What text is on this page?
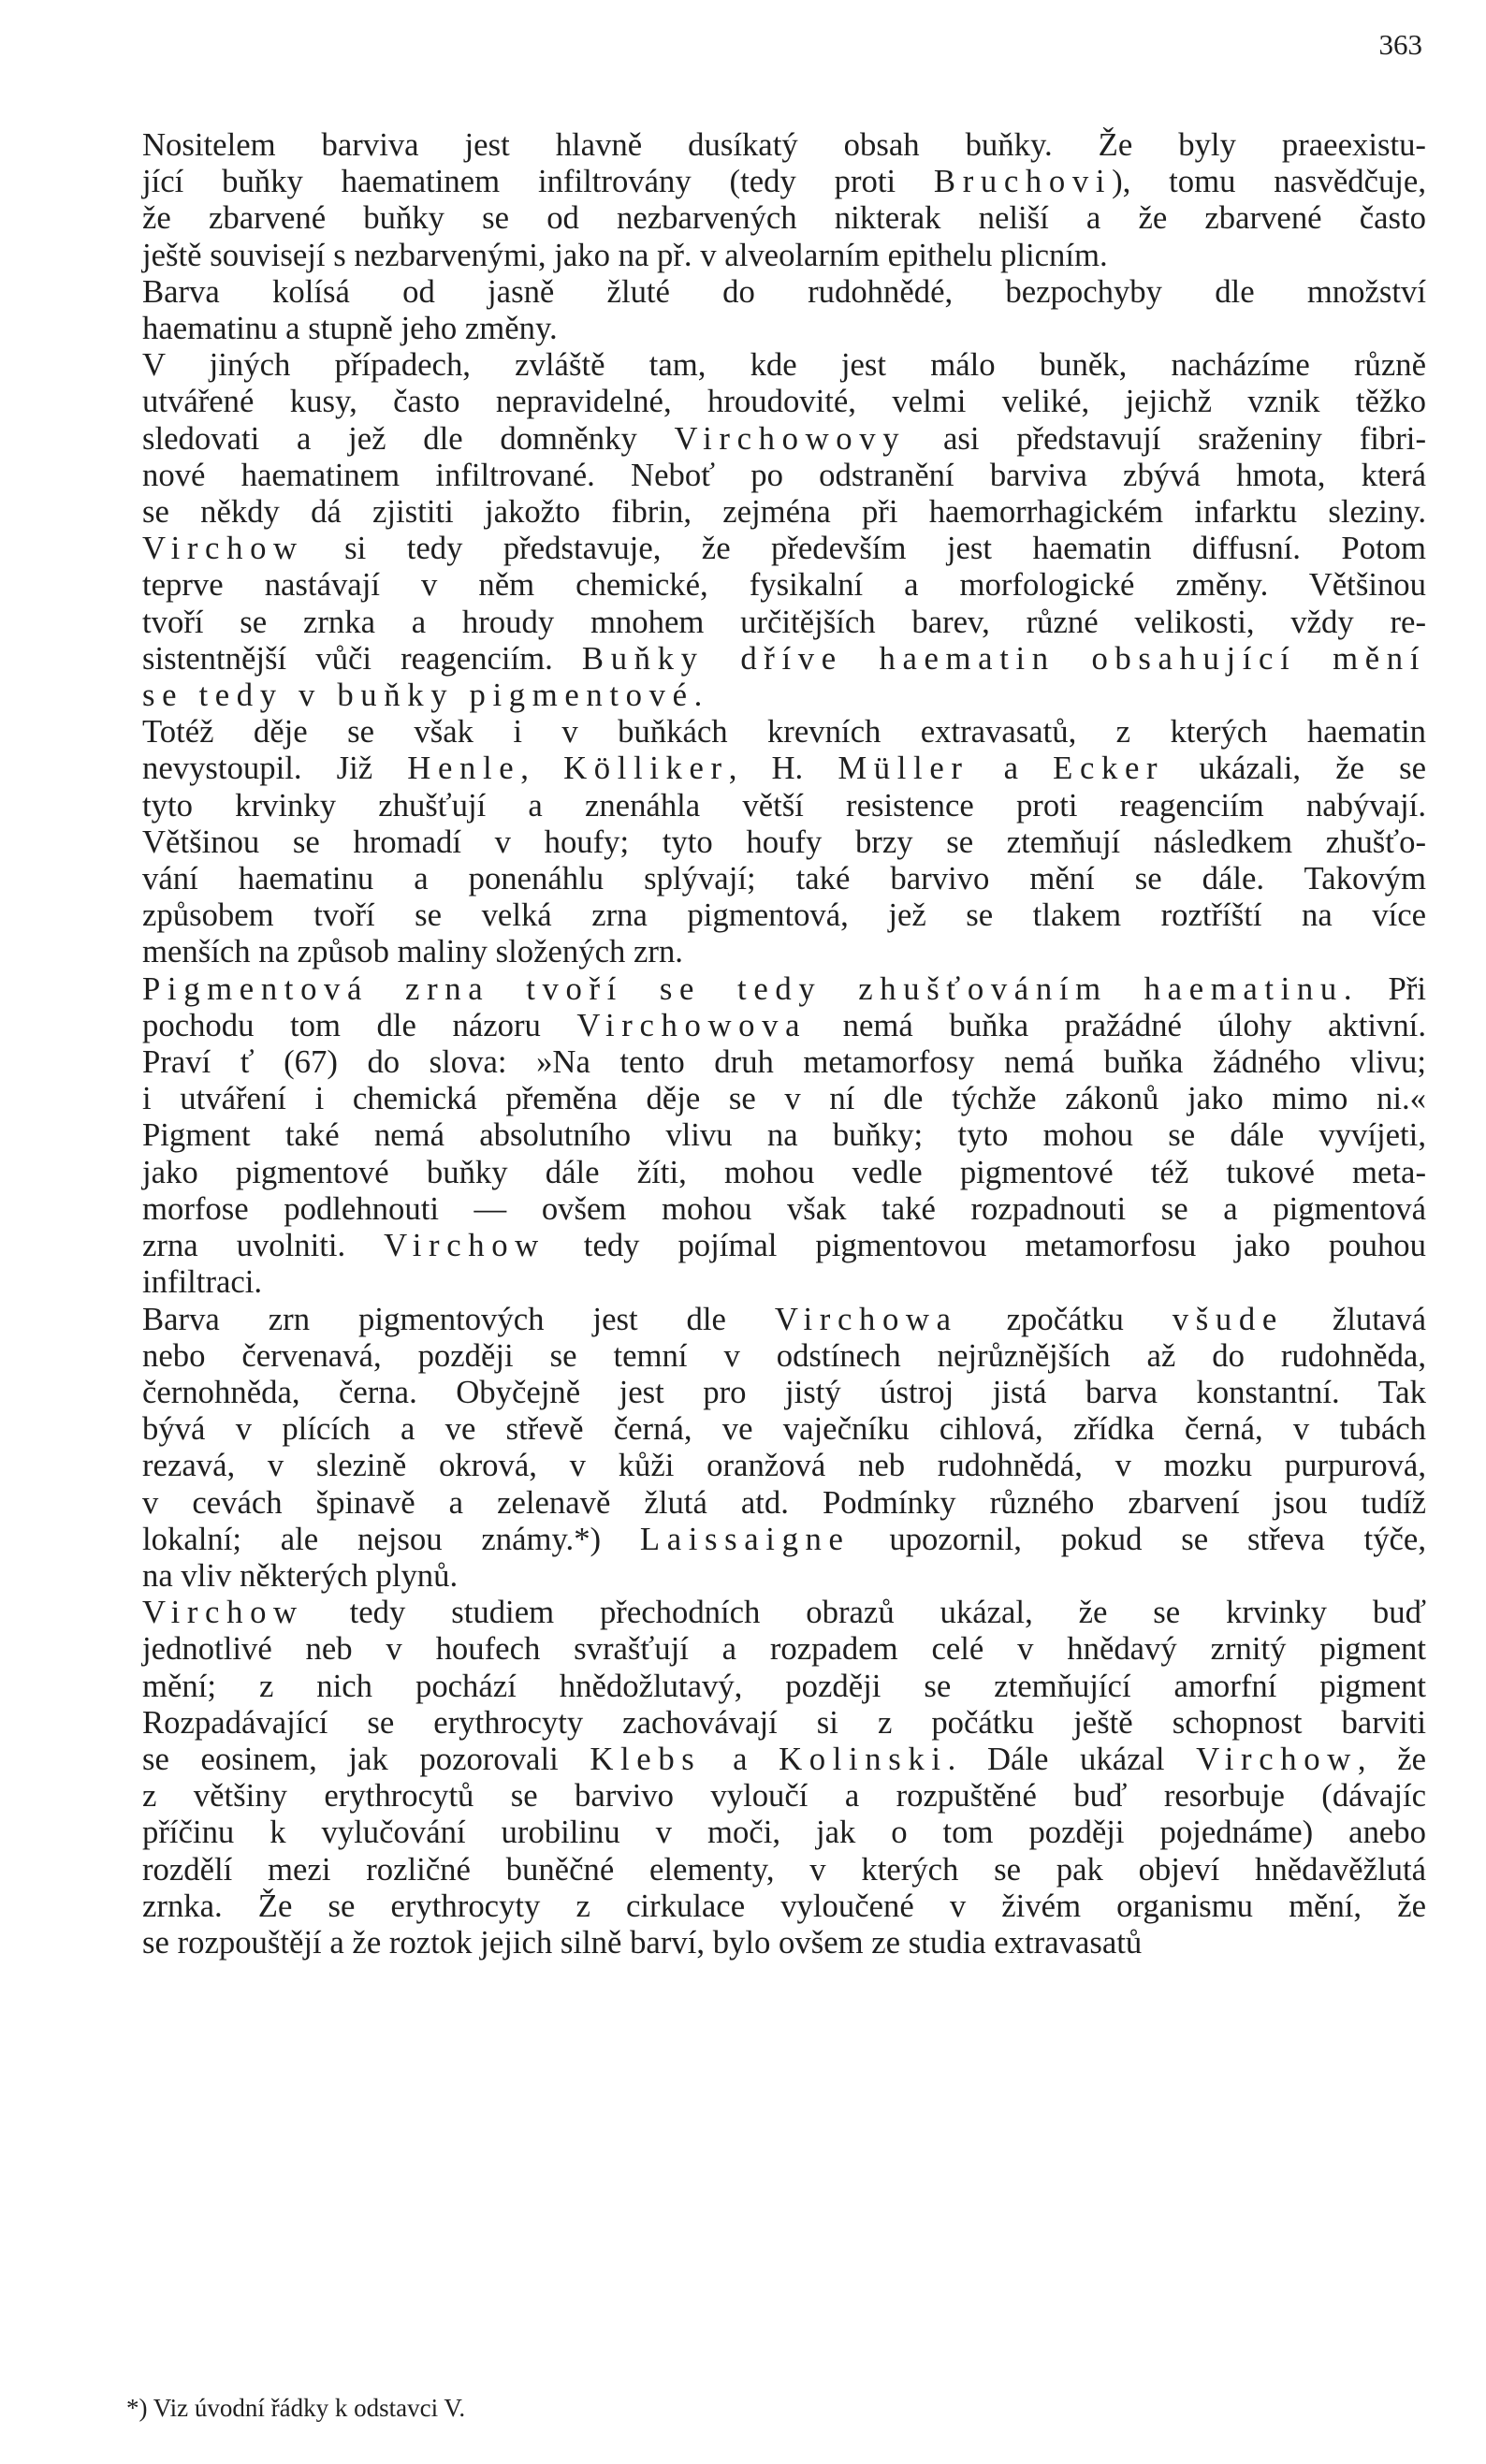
363

Nositelem barviva jest hlavně dusíkatý obsah buňky. Že byly praeexistu-
jící buňky haematinem infiltrovány (tedy proti Bruchovi), tomu nasvědčuje,
že zbarvené buňky se od nezbarvených nikterak neliší a že zbarvené často
ještě souvisejí s nezbarvenými, jako na př. v alveolarním epithelu plicním.

Barva kolísá od jasně žluté do rudohnědé, bezpochyby dle množství
haematinu a stupně jeho změny.

V jiných případech, zvláště tam, kde jest málo buněk, nacházíme různě
utvářené kusy, často nepravidelné, hroudovité, velmi veliké, jejichž vznik těžko
sledovati a jež dle domněnky Virchowovy asi představují sraženiny fibri-
nové haematinem infiltrované. Neboť po odstranění barviva zbývá hmota, která
se někdy dá zjistiti jakožto fibrin, zejména při haemorrhagickém infarktu sleziny.
Virchow si tedy představuje, že především jest haematin diffusní. Potom
teprve nastávají v něm chemické, fysikalní a morfologické změny. Většinou
tvoří se zrnka a hroudy mnohem určitějších barev, různé velikosti, vždy re-
sistentnější vůči reagenciím. Buňky dříve haematin obsahující mění
se tedy v buňky pigmentové.

Totéž děje se však i v buňkách krevních extravasatů, z kterých haematin
nevystoupil. Již Henle, Kölliker, H. Müller a Ecker ukázali, že se
tyto krvinky zhušťují a znenáhla větší resistence proti reagenciím nabývají.
Většinou se hromadí v houfy; tyto houfy brzy se ztemňují následkem zhušťo-
vání haematinu a ponenáhlu splývají; také barvivo mění se dále. Takovým
způsobem tvoří se velká zrna pigmentová, jež se tlakem roztříští na více
menších na způsob maliny složených zrn.

Pigmentová zrna tvoří se tedy zhušťováním haematinu. Při
pochodu tom dle názoru Virchowova nemá buňka pražádné úlohy aktivní.
Praví ť (67) do slova: »Na tento druh metamorfosy nemá buňka žádného vlivu;
i utváření i chemická přeměna děje se v ní dle týchže zákonů jako mimo ni.«
Pigment také nemá absolutního vlivu na buňky; tyto mohou se dále vyvíjeti,
jako pigmentové buňky dále žíti, mohou vedle pigmentové též tukové meta-
morfose podlehnouti — ovšem mohou však také rozpadnouti se a pigmentová
zrna uvolniti. Virchow tedy pojímal pigmentovou metamorfosu jako pouhou
infiltraci.

Barva zrn pigmentových jest dle Virchowa zpočátku všude žlutavá
nebo červenavá, později se temní v odstínech nejrůznějších až do rudohněda,
černohněda, černa. Obyčejně jest pro jistý ústroj jistá barva konstantní. Tak
bývá v plících a ve střevě černá, ve vaječníku cihlová, zřídka černá, v tubách
rezavá, v slezině okrová, v kůži oranžová neb rudohnědá, v mozku purpurová,
v cevách špinavě a zelenavě žlutá atd. Podmínky různého zbarvení jsou tudíž
lokalní; ale nejsou známy.*) Laissaigne upozornil, pokud se střeva týče,
na vliv některých plynů.

Virchow tedy studiem přechodních obrazů ukázal, že se krvinky buď
jednotlivé neb v houfech svrašťují a rozpadem celé v hnědavý zrnitý pigment
mění; z nich pochází hnědožlutavý, později se ztemňující amorfní pigment
Rozpadávající se erythrocyty zachovávají si z počátku ještě schopnost barviti
se eosinem, jak pozorovali Klebs a Kolinski. Dále ukázal Virchow, že
z většiny erythrocytů se barvivo vyloučí a rozpuštěné buď resorbuje (dávajíc
příčinu k vylučování urobilinu v moči, jak o tom později pojednáme) anebo
rozdělí mezi rozličné buněčné elementy, v kterých se pak objeví hnědavěžlutá
zrnka. Že se erythrocyty z cirkulace vyloučené v živém organismu mění, že
se rozpouštějí a že roztok jejich silně barví, bylo ovšem ze studia extravasatů

*) Viz úvodní řádky k odstavci V.
